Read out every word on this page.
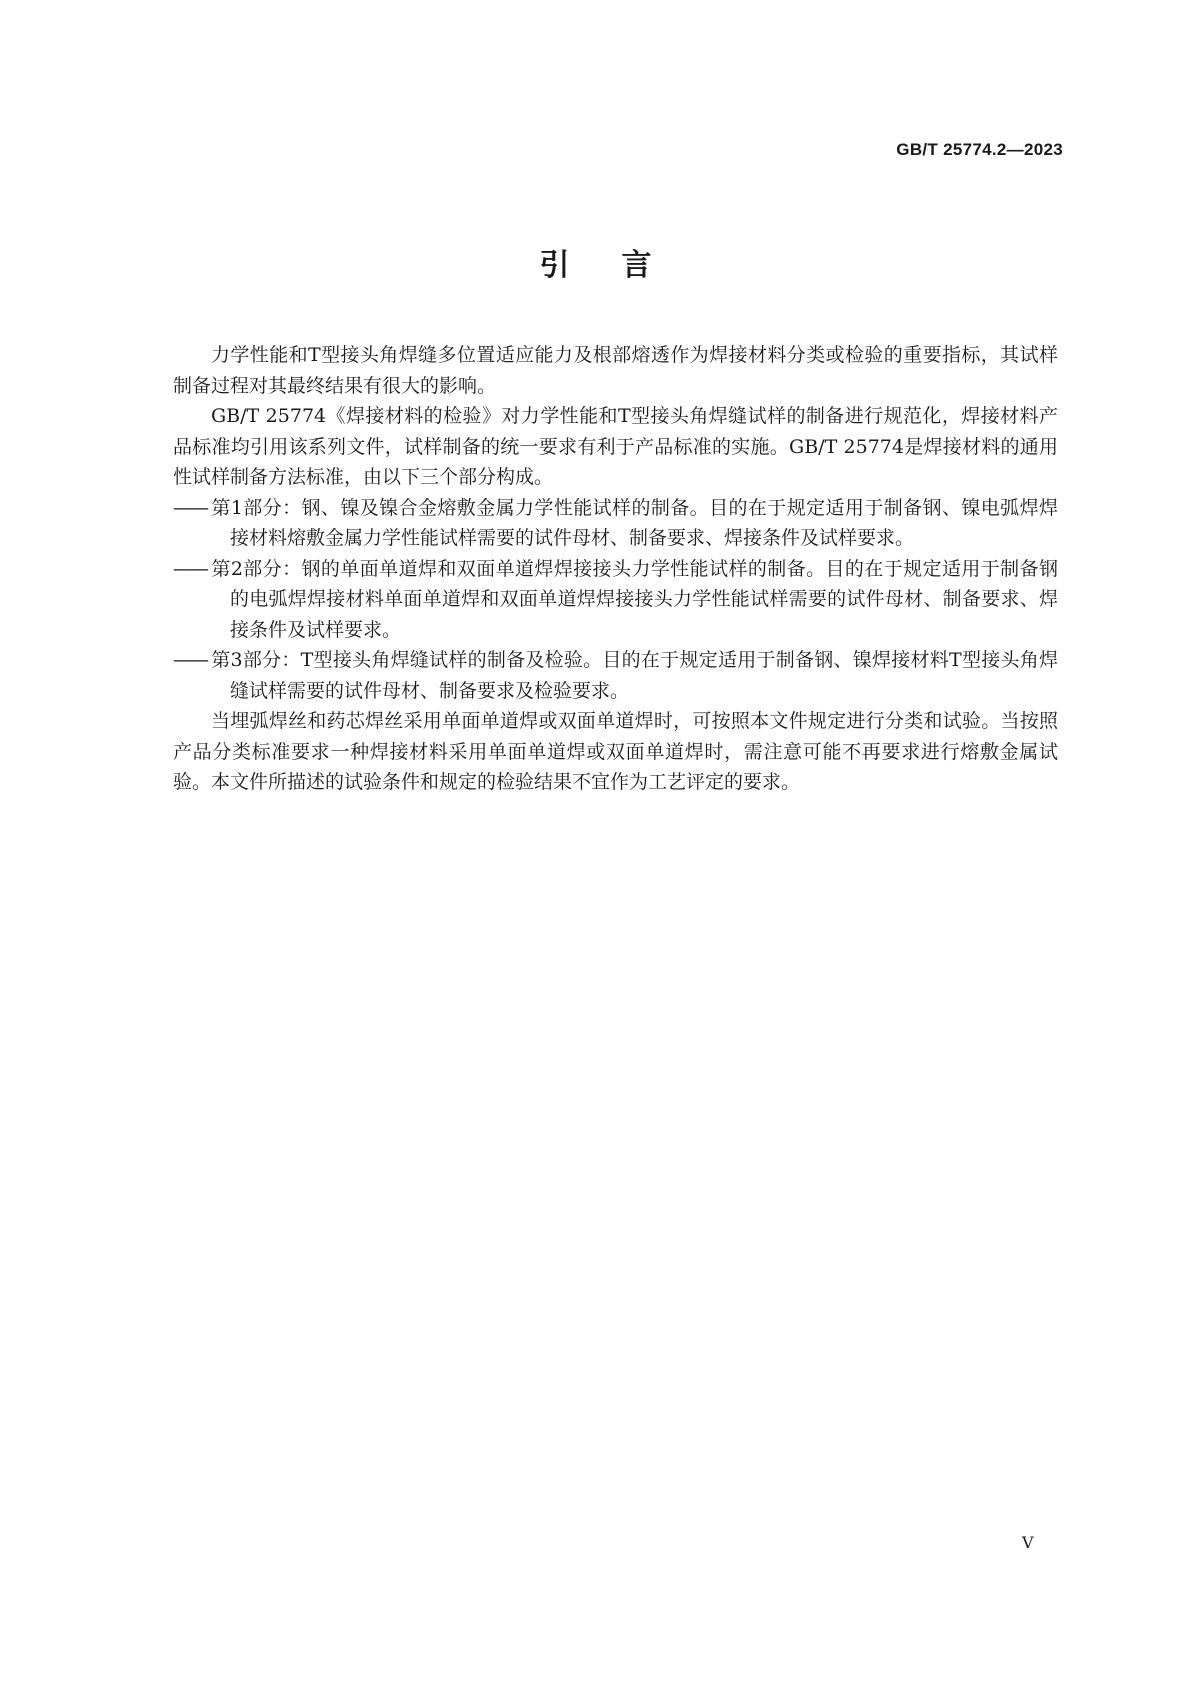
GB/T 25774.2—2023
引言

力学性能和T型接头角焊缝多位置适应能力及根部熔透作为焊接材料分类或检验的重要指标，其试样制备过程对其最终结果有很大的影响。

GB/T 25774《焊接材料的检验》对力学性能和T型接头角焊缝试样的制备进行规范化，焊接材料产品标准均引用该系列文件，试样制备的统一要求有利于产品标准的实施。GB/T 25774是焊接材料的通用性试样制备方法标准，由以下三个部分构成。

—— 第1部分：钢、镍及镍合金熔敷金属力学性能试样的制备。目的在于规定适用于制备钢、镍电弧焊焊接材料熔敷金属力学性能试样需要的试件母材、制备要求、焊接条件及试样要求。

—— 第2部分：钢的单面单道焊和双面单道焊焊接接头力学性能试样的制备。目的在于规定适用于制备钢的电弧焊焊接材料单面单道焊和双面单道焊焊接接头力学性能试样需要的试件母材、制备要求、焊接条件及试样要求。

—— 第3部分：T型接头角焊缝试样的制备及检验。目的在于规定适用于制备钢、镍焊接材料T型接头角焊缝试样需要的试件母材、制备要求及检验要求。

当埋弧焊丝和药芯焊丝采用单面单道焊或双面单道焊时，可按照本文件规定进行分类和试验。当按照产品分类标准要求一种焊接材料采用单面单道焊或双面单道焊时，需注意可能不再要求进行熔敷金属试验。本文件所描述的试验条件和规定的检验结果不宜作为工艺评定的要求。

V
